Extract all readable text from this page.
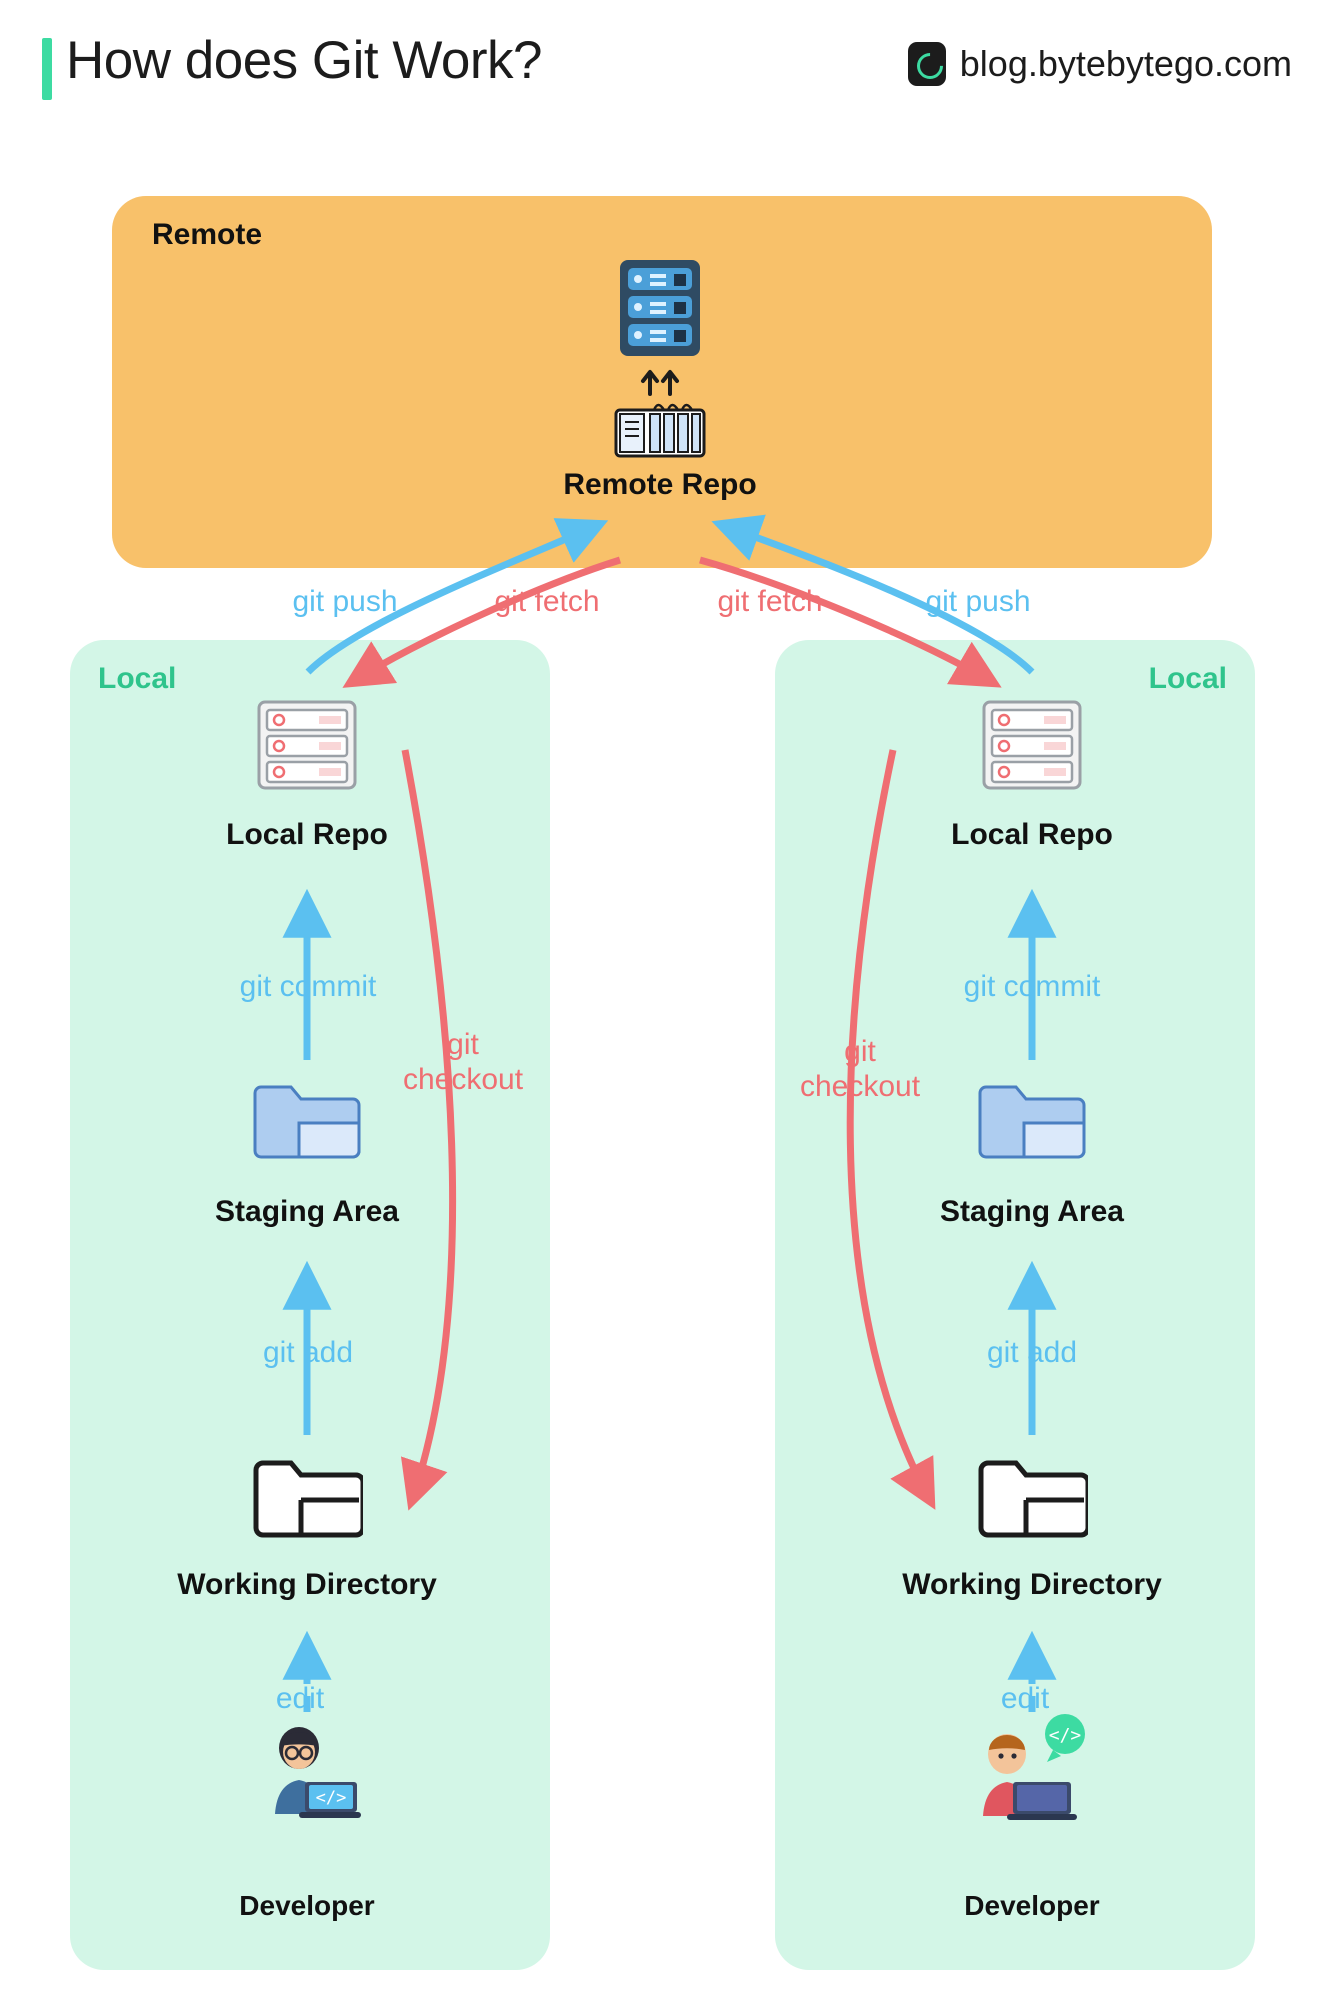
How does Git Work?	blog.bytebytego.com
Remote
Local	Local
Remote Repo
Local Repo
Staging Area
Working Directory
</>
Developer
Local Repo
Staging Area
Working Directory
</>
Developer
git push	git fetch	git fetch	git push
git commit	git commit
git
checkout
git
checkout
git add	git add
edit	edit
